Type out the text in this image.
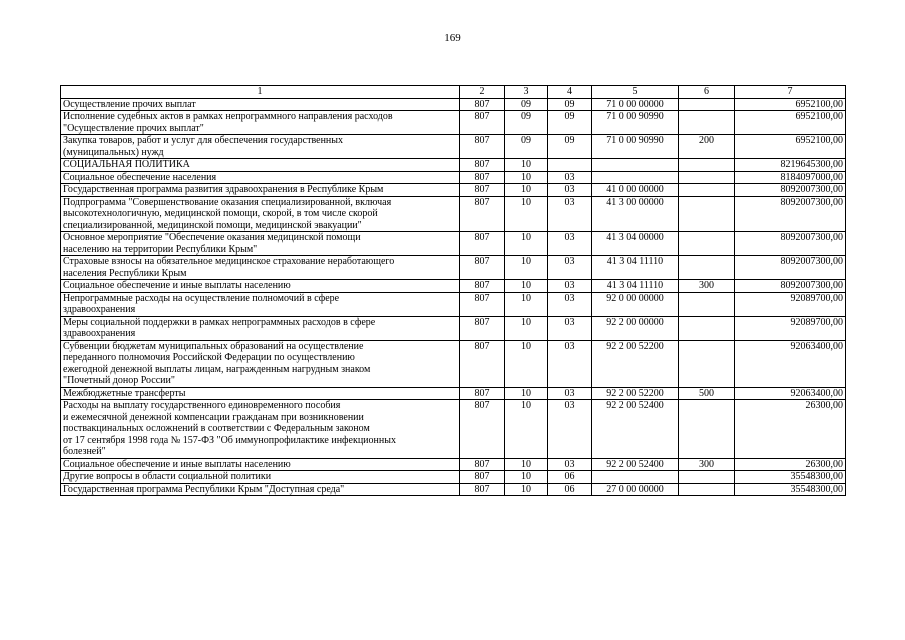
169
1	2	3	4	5	6	7
Осуществление прочих выплат	807	09	09	71 0 00 00000		6952100,00
Исполнение судебных актов в рамках непрограммного направления расходов
"Осуществление прочих выплат"	807	09	09	71 0 00 90990		6952100,00
Закупка товаров, работ и услуг для обеспечения государственных
(муниципальных) нужд	807	09	09	71 0 00 90990	200	6952100,00
СОЦИАЛЬНАЯ ПОЛИТИКА	807	10				8219645300,00
Социальное обеспечение населения	807	10	03			8184097000,00
Государственная программа развития здравоохранения в Республике Крым	807	10	03	41 0 00 00000		8092007300,00
Подпрограмма "Совершенствование оказания специализированной, включая
высокотехнологичную, медицинской помощи, скорой, в том числе скорой
специализированной, медицинской помощи, медицинской эвакуации"	807	10	03	41 3 00 00000		8092007300,00
Основное мероприятие "Обеспечение оказания медицинской помощи
населению на территории Республики Крым"	807	10	03	41 3 04 00000		8092007300,00
Страховые взносы на обязательное медицинское страхование неработающего
населения Республики Крым	807	10	03	41 3 04 11110		8092007300,00
Социальное обеспечение и иные выплаты населению	807	10	03	41 3 04 11110	300	8092007300,00
Непрограммные расходы на осуществление полномочий в сфере
здравоохранения	807	10	03	92 0 00 00000		92089700,00
Меры социальной поддержки в рамках непрограммных расходов в сфере
здравоохранения	807	10	03	92 2 00 00000		92089700,00
Субвенции бюджетам муниципальных образований на осуществление
переданного полномочия Российской Федерации по осуществлению
ежегодной денежной выплаты лицам, награжденным нагрудным знаком
"Почетный донор России"	807	10	03	92 2 00 52200		92063400,00
Межбюджетные трансферты	807	10	03	92 2 00 52200	500	92063400,00
Расходы на выплату государственного единовременного пособия
и ежемесячной денежной компенсации гражданам при возникновении
поствакцинальных осложнений в соответствии с Федеральным законом
от 17 сентября 1998 года № 157-ФЗ "Об иммунопрофилактике инфекционных
болезней"	807	10	03	92 2 00 52400		26300,00
Социальное обеспечение и иные выплаты населению	807	10	03	92 2 00 52400	300	26300,00
Другие вопросы в области социальной политики	807	10	06			35548300,00
Государственная программа Республики Крым "Доступная среда"	807	10	06	27 0 00 00000		35548300,00
